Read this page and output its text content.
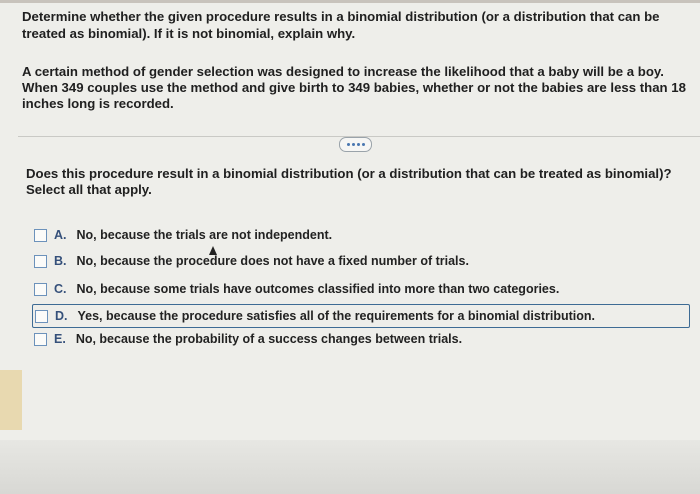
Determine whether the given procedure results in a binomial distribution (or a distribution that can be treated as binomial). If it is not binomial, explain why.

A certain method of gender selection was designed to increase the likelihood that a baby will be a boy. When 349 couples use the method and give birth to 349 babies, whether or not the babies are less than 18 inches long is recorded.

Does this procedure result in a binomial distribution (or a distribution that can be treated as binomial)? Select all that apply.

A. No, because the trials are not independent.
B. No, because the procedure does not have a fixed number of trials.
C. No, because some trials have outcomes classified into more than two categories.
D. Yes, because the procedure satisfies all of the requirements for a binomial distribution.
E. No, because the probability of a success changes between trials.
